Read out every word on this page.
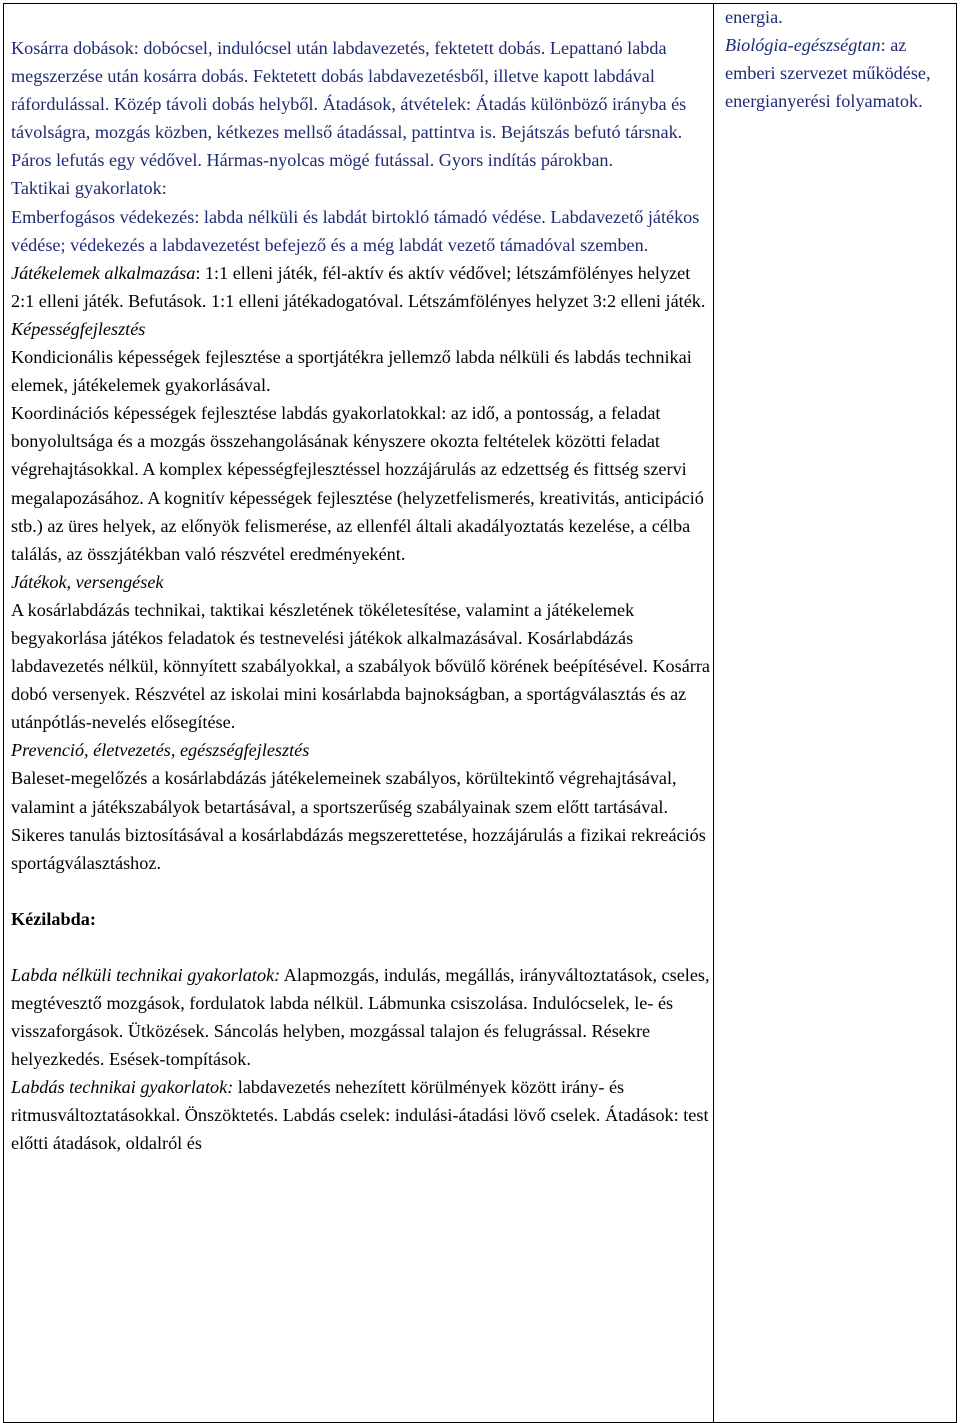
Kosárra dobások: dobócsel, indulócsel után labdavezetés, fektetett dobás. Lepattanó labda megszerzése után kosárra dobás. Fektetett dobás labdavezetésből, illetve kapott labdával ráfordulással. Közép távoli dobás helyből. Átadások, átvételek: Átadás különböző irányba és távolságra, mozgás közben, kétkezes mellső átadással, pattintva is. Bejátszás befutó társnak. Páros lefutás egy védővel. Hármas-nyolcas mögé futással. Gyors indítás párokban.

Taktikai gyakorlatok:

Emberfogásos védekezés: labda nélküli és labdát birtokló támadó védése. Labdavezető játékos védése; védekezés a labdavezetést befejező és a még labdát vezető támadóval szemben.

Játékelemek alkalmazása: 1:1 elleni játék, fél-aktív és aktív védővel; létszámfölényes helyzet 2:1 elleni játék. Befutások. 1:1 elleni játékadogatóval. Létszámfölényes helyzet 3:2 elleni játék.

Képességfejlesztés

Kondicionális képességek fejlesztése a sportjátékra jellemző labda nélküli és labdás technikai elemek, játékelemek gyakorlásával.

Koordinációs képességek fejlesztése labdás gyakorlatokkal: az idő, a pontosság, a feladat bonyolultsága és a mozgás összehangolásának kényszere okozta feltételek közötti feladat végrehajtásokkal. A komplex képességfejlesztéssel hozzájárulás az edzettség és fittség szervi megalapozásához. A kognitív képességek fejlesztése (helyzetfelismerés, kreativitás, anticipáció stb.) az üres helyek, az előnyök felismerése, az ellenfél általi akadályoztatás kezelése, a célba találás, az összjátékban való részvétel eredményeként.

Játékok, versengések

A kosárlabdázás technikai, taktikai készletének tökéletesítése, valamint a játékelemek begyakorlása játékos feladatok és testnevelési játékok alkalmazásával. Kosárlabdázás labdavezetés nélkül, könnyített szabályokkal, a szabályok bővülő körének beépítésével. Kosárra dobó versenyek. Részvétel az iskolai mini kosárlabda bajnokságban, a sportágválasztás és az utánpótlás-nevelés elősegítése.

Prevenció, életvezetés, egészségfejlesztés

Baleset-megelőzés a kosárlabdázás játékelemeinek szabályos, körültekintő végrehajtásával, valamint a játékszabályok betartásával, a sportszerűség szabályainak szem előtt tartásával. Sikeres tanulás biztosításával a kosárlabdázás megszerettetése, hozzájárulás a fizikai rekreációs sportágválasztáshoz.

Kézilabda:

Labda nélküli technikai gyakorlatok: Alapmozgás, indulás, megállás, irányváltoztatások, cseles, megtévesztő mozgások, fordulatok labda nélkül. Lábmunka csiszolása. Indulócselek, le- és visszaforgások. Ütközések. Sáncolás helyben, mozgással talajon és felugrással. Résekre helyezkedés. Esések-tompítások.

Labdás technikai gyakorlatok: labdavezetés nehezített körülmények között irány- és ritmusváltoztatásokkal. Önszöktetés. Labdás cselek: indulási-átadási lövő cselek. Átadások: test előtti átadások, oldalról és

energia.

Biológia-egészségtan: az emberi szervezet működése, energianyerési folyamatok.
